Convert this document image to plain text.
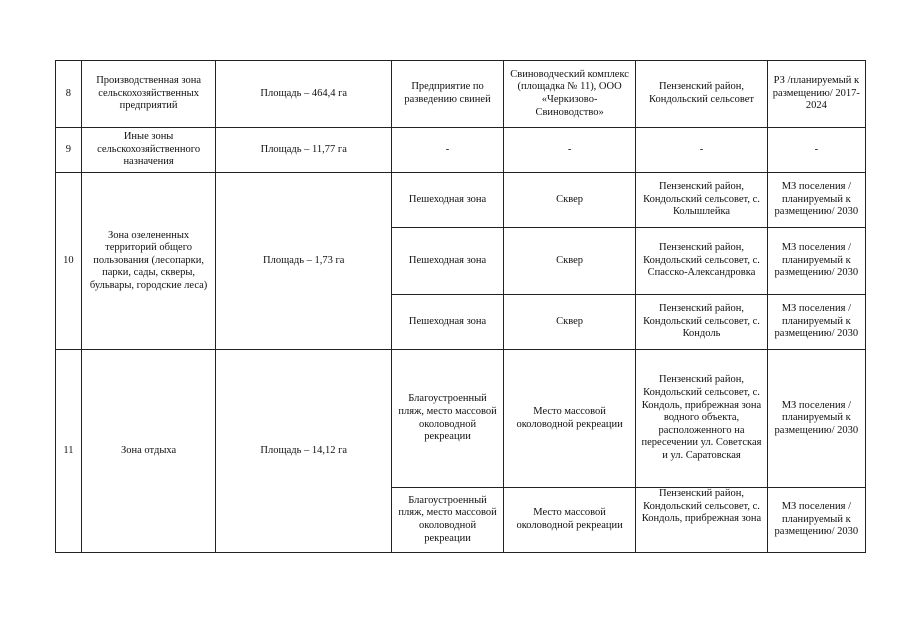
8	Производственная зона сельскохозяйственных предприятий	Площадь – 464,4 га	Предприятие по разведению свиней	Свиноводческий комплекс (площадка № 11), ООО «Черкизово-Свиноводство»	Пензенский район, Кондольский сельсовет	РЗ /планируемый к размещению/ 2017-2024
9	Иные зоны сельскохозяйственного назначения	Площадь – 11,77 га	-	-	-	-
10	Зона озелененных территорий общего пользования (лесопарки, парки, сады, скверы, бульвары, городские леса)	Площадь – 1,73 га	Пешеходная зона	Сквер	Пензенский район, Кондольский сельсовет, с. Колышлейка	МЗ поселения /планируемый к размещению/ 2030
			Пешеходная зона	Сквер	Пензенский район, Кондольский сельсовет, с. Спасско-Александровка	МЗ поселения /планируемый к размещению/ 2030
			Пешеходная зона	Сквер	Пензенский район, Кондольский сельсовет, с. Кондоль	МЗ поселения /планируемый к размещению/ 2030
11	Зона отдыха	Площадь – 14,12 га	Благоустроенный пляж, место массовой околоводной рекреации	Место массовой околоводной рекреации	Пензенский район, Кондольский сельсовет, с. Кондоль, прибрежная зона водного объекта, расположенного на пересечении ул. Советская и ул. Саратовская	МЗ поселения /планируемый к размещению/ 2030
			Благоустроенный пляж, место массовой околоводной рекреации	Место массовой околоводной рекреации	Пензенский район, Кондольский сельсовет, с. Кондоль, прибрежная зона	МЗ поселения /планируемый к размещению/ 2030
